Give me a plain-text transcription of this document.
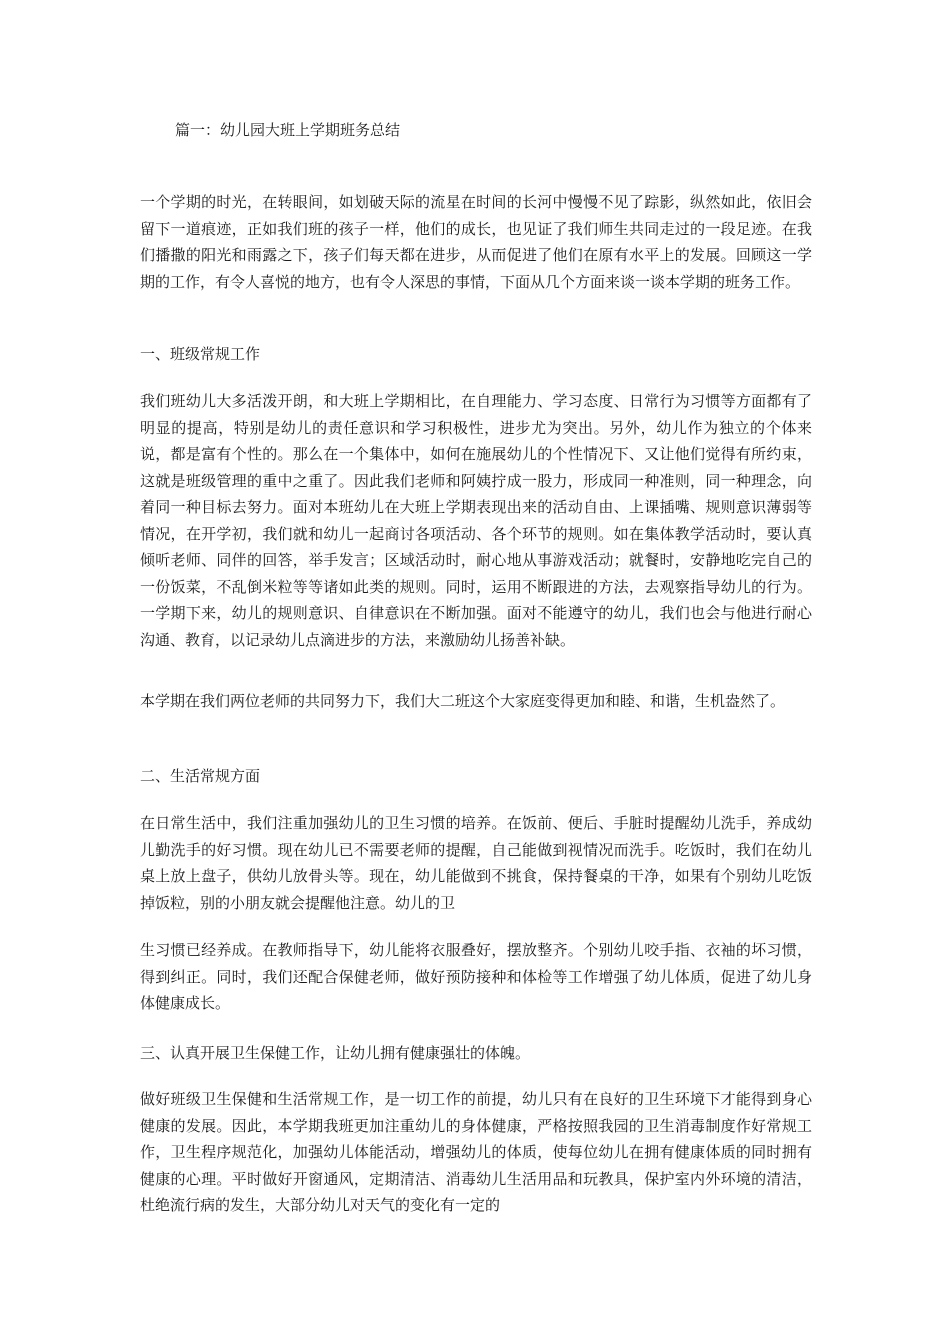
篇一：幼儿园大班上学期班务总结

一个学期的时光，在转眼间，如划破天际的流星在时间的长河中慢慢不见了踪影，纵然如此，依旧会留下一道痕迹，正如我们班的孩子一样，他们的成长，也见证了我们师生共同走过的一段足迹。在我们播撒的阳光和雨露之下，孩子们每天都在进步，从而促进了他们在原有水平上的发展。回顾这一学期的工作，有令人喜悦的地方，也有令人深思的事情，下面从几个方面来谈一谈本学期的班务工作。

一、班级常规工作

我们班幼儿大多活泼开朗，和大班上学期相比，在自理能力、学习态度、日常行为习惯等方面都有了明显的提高，特别是幼儿的责任意识和学习积极性，进步尤为突出。另外，幼儿作为独立的个体来说，都是富有个性的。那么在一个集体中，如何在施展幼儿的个性情况下、又让他们觉得有所约束，这就是班级管理的重中之重了。因此我们老师和阿姨拧成一股力，形成同一种准则，同一种理念，向着同一种目标去努力。面对本班幼儿在大班上学期表现出来的活动自由、上课插嘴、规则意识薄弱等情况，在开学初，我们就和幼儿一起商讨各项活动、各个环节的规则。如在集体教学活动时，要认真倾听老师、同伴的回答，举手发言；区域活动时，耐心地从事游戏活动；就餐时，安静地吃完自己的一份饭菜，不乱倒米粒等等诸如此类的规则。同时，运用不断跟进的方法，去观察指导幼儿的行为。一学期下来，幼儿的规则意识、自律意识在不断加强。面对不能遵守的幼儿，我们也会与他进行耐心沟通、教育，以记录幼儿点滴进步的方法，来激励幼儿扬善补缺。

本学期在我们两位老师的共同努力下，我们大二班这个大家庭变得更加和睦、和谐，生机盎然了。

二、生活常规方面

在日常生活中，我们注重加强幼儿的卫生习惯的培养。在饭前、便后、手脏时提醒幼儿洗手，养成幼儿勤洗手的好习惯。现在幼儿已不需要老师的提醒，自己能做到视情况而洗手。吃饭时，我们在幼儿桌上放上盘子，供幼儿放骨头等。现在，幼儿能做到不挑食，保持餐桌的干净，如果有个别幼儿吃饭掉饭粒，别的小朋友就会提醒他注意。幼儿的卫

生习惯已经养成。在教师指导下，幼儿能将衣服叠好，摆放整齐。个别幼儿咬手指、衣袖的坏习惯，得到纠正。同时，我们还配合保健老师，做好预防接种和体检等工作增强了幼儿体质，促进了幼儿身体健康成长。

三、认真开展卫生保健工作，让幼儿拥有健康强壮的体魄。

做好班级卫生保健和生活常规工作，是一切工作的前提，幼儿只有在良好的卫生环境下才能得到身心健康的发展。因此，本学期我班更加注重幼儿的身体健康，严格按照我园的卫生消毒制度作好常规工作，卫生程序规范化，加强幼儿体能活动，增强幼儿的体质，使每位幼儿在拥有健康体质的同时拥有健康的心理。平时做好开窗通风，定期清洁、消毒幼儿生活用品和玩教具，保护室内外环境的清洁，杜绝流行病的发生，大部分幼儿对天气的变化有一定的
